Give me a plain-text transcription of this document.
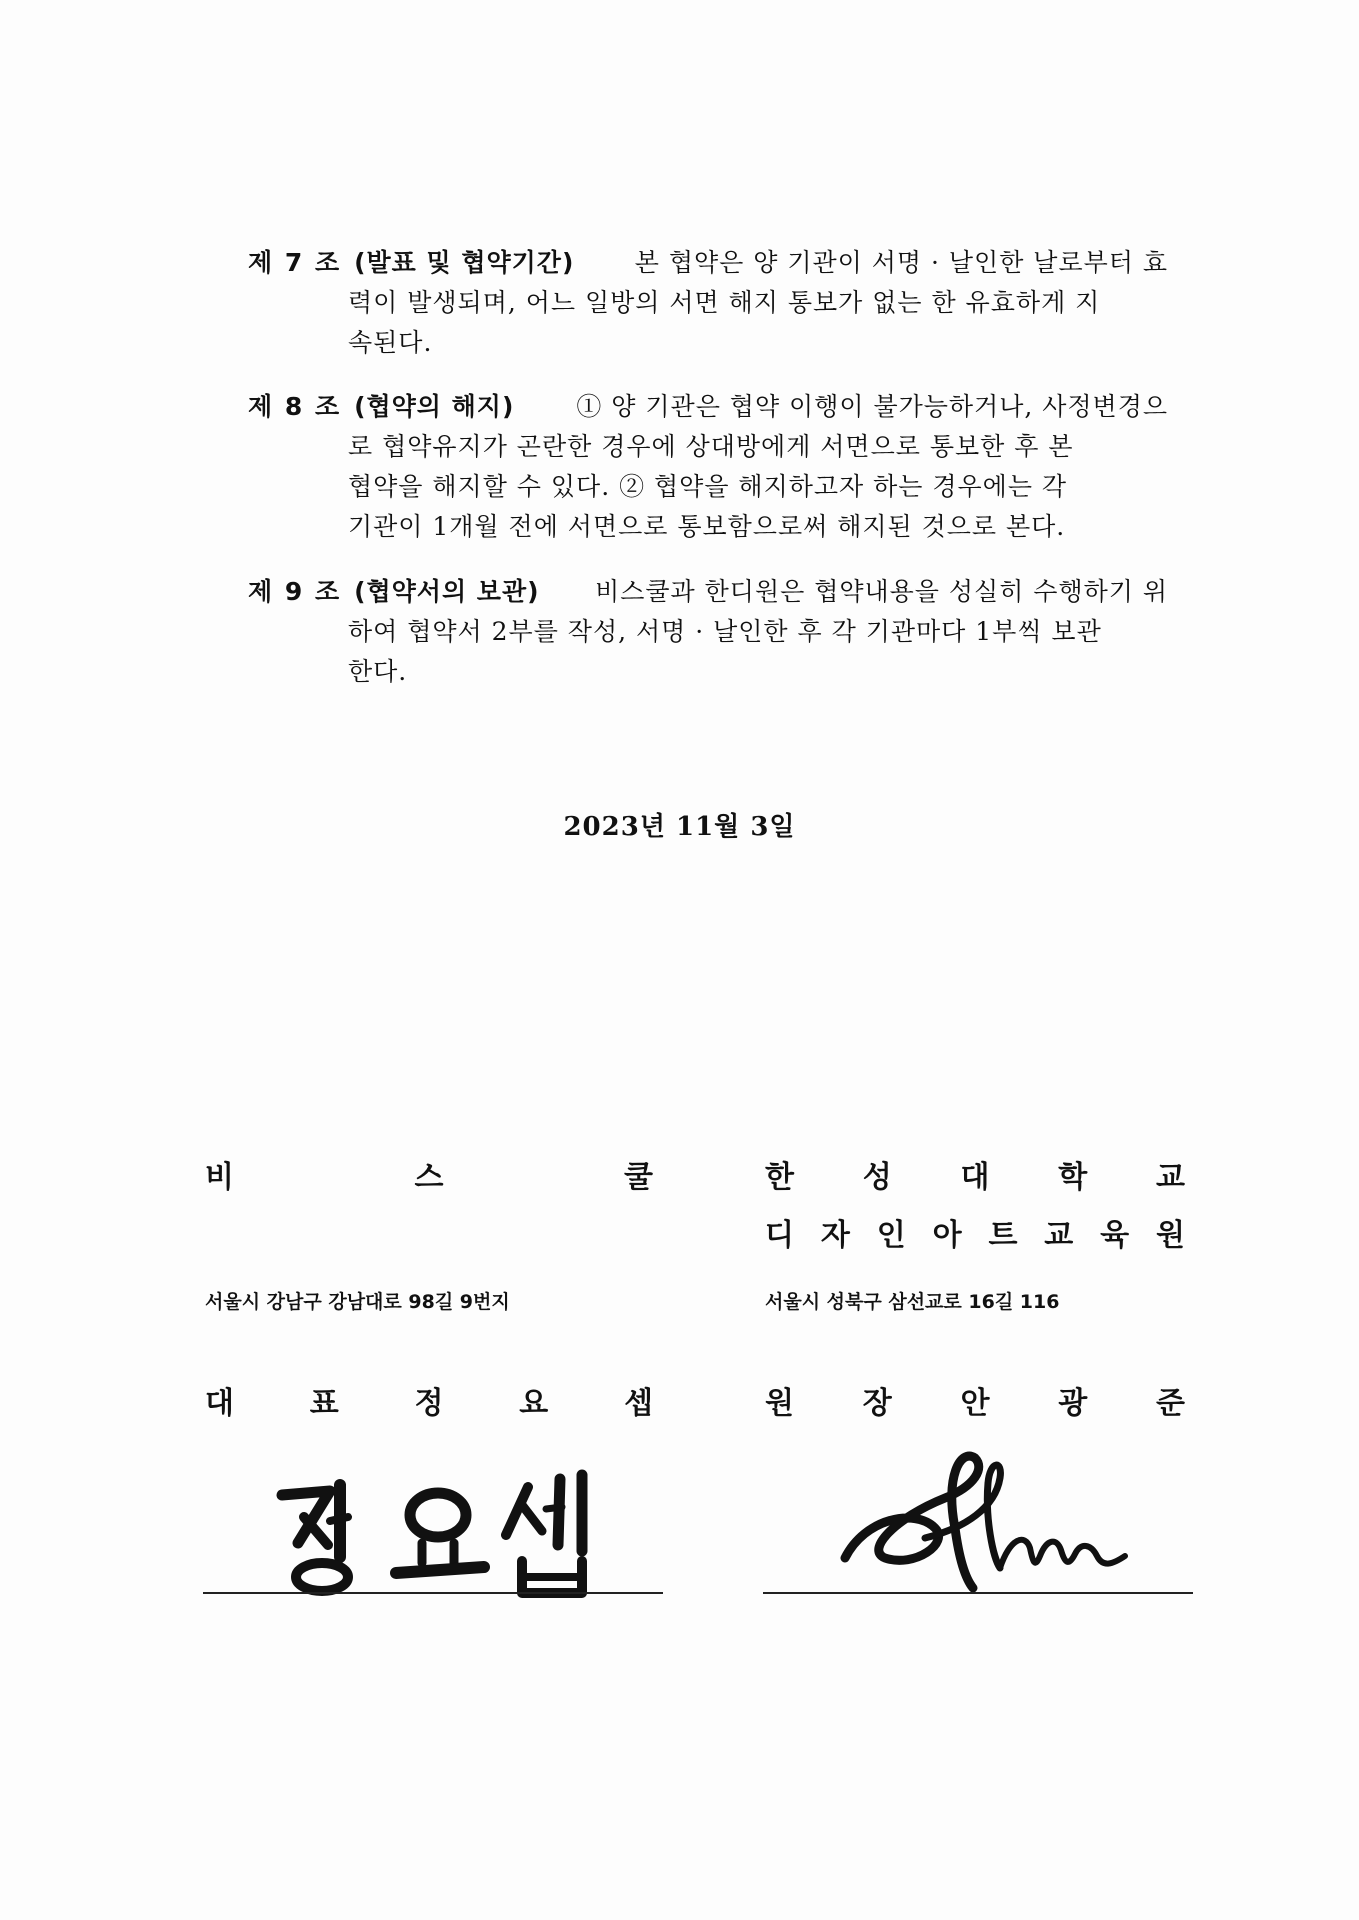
제 7 조 (발표 및 협약기간) 본 협약은 양 기관이 서명 · 날인한 날로부터 효
력이 발생되며, 어느 일방의 서면 해지 통보가 없는 한 유효하게 지
속된다.
제 8 조 (협약의 해지) ① 양 기관은 협약 이행이 불가능하거나, 사정변경으
로 협약유지가 곤란한 경우에 상대방에게 서면으로 통보한 후 본
협약을 해지할 수 있다. ② 협약을 해지하고자 하는 경우에는 각
기관이 1개월 전에 서면으로 통보함으로써 해지된 것으로 본다.
제 9 조 (협약서의 보관) 비스쿨과 한디원은 협약내용을 성실히 수행하기 위
하여 협약서 2부를 작성, 서명 · 날인한 후 각 기관마다 1부씩 보관
한다.
2023년 11월 3일
비	스	쿨
서울시 강남구 강남대로 98길 9번지
대	표	정	요	셉
한 성 대 학 교
디 자 인 아 트 교 육 원
서울시 성북구 삼선교로 16길 116
원 장 안 광 준
